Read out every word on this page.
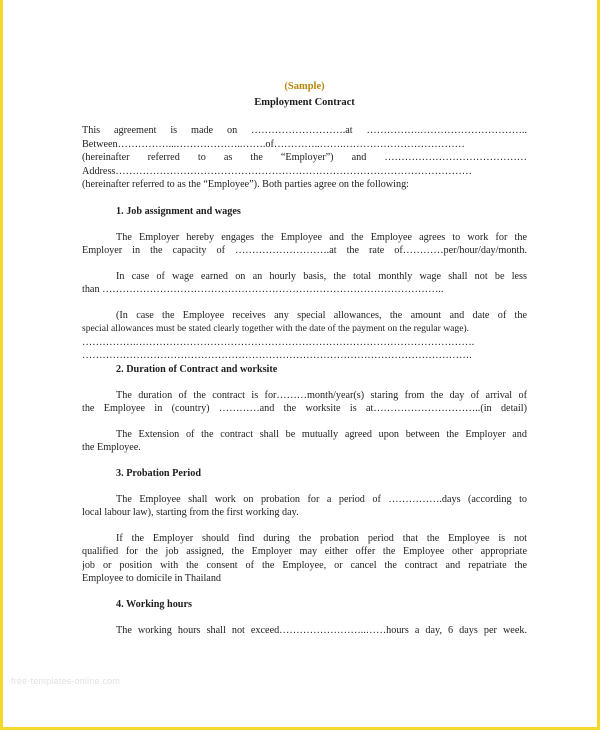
(Sample)

Employment Contract

This agreement is made on ……………………….at …………….…………………………..

Between……………...………………..…….of…………..…….………………………………

(hereinafter referred to as the “Employer”) and ……………………………………

Address……………………………………………………………………………………………

(hereinafter referred to as the “Employee”). Both parties agree on the following:

1. Job assignment and wages

The Employer hereby engages the Employee and the Employee agrees to work for the

Employer in the capacity of ……………………….at the rate of…………per/hour/day/month.

In case of wage earned on an hourly basis, the total monthly wage shall not be less

than ………………………………………………………………………………………..

(In case the Employee receives any special allowances, the amount and date of the

special allowances must be stated clearly together with the date of the payment on the regular wage).

…………….……………………………………………………………………………………….

…………………………………………………………………………………………………….

2. Duration of Contract and worksite

The duration of the contract is for………month/year(s) staring from the day of arrival of

the Employee in (country) …………and the worksite is at…………………………..(in detail)

The Extension of the contract shall be mutually agreed upon between the Employer and

the Employee.

3. Probation Period

The Employee shall work on probation for a period of …………….days (according to

local labour law), starting from the first working day.

If the Employer should find during the probation period that the Employee is not

qualified for the job assigned, the Employer may either offer the Employee other appropriate

job or position with the consent of the Employee, or cancel the contract and repatriate the

Employee to domicile in Thailand

4. Working hours

The working hours shall not exceed……………………..……hours a day, 6 days per week.

free-templates-online.com
